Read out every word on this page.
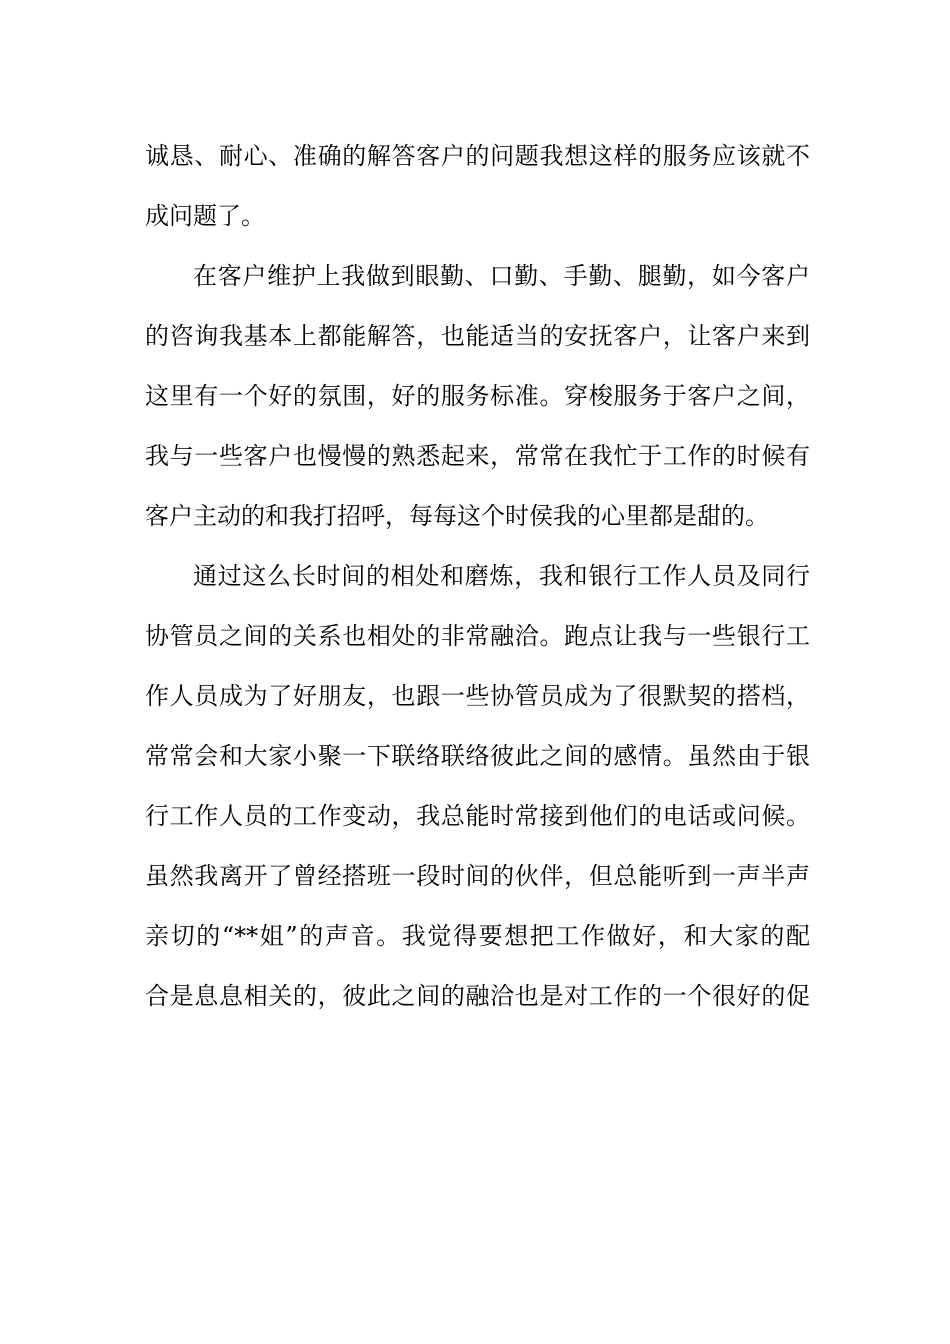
诚恳、耐心、准确的解答客户的问题我想这样的服务应该就不
成问题了。
在客户维护上我做到眼勤、口勤、手勤、腿勤，如今客户
的咨询我基本上都能解答，也能适当的安抚客户，让客户来到
这里有一个好的氛围，好的服务标准。穿梭服务于客户之间，
我与一些客户也慢慢的熟悉起来，常常在我忙于工作的时候有
客户主动的和我打招呼，每每这个时侯我的心里都是甜的。
通过这么长时间的相处和磨炼，我和银行工作人员及同行
协管员之间的关系也相处的非常融洽。跑点让我与一些银行工
作人员成为了好朋友，也跟一些协管员成为了很默契的搭档，
常常会和大家小聚一下联络联络彼此之间的感情。虽然由于银
行工作人员的工作变动，我总能时常接到他们的电话或问候。
虽然我离开了曾经搭班一段时间的伙伴，但总能听到一声半声
亲切的“**姐”的声音。我觉得要想把工作做好，和大家的配
合是息息相关的，彼此之间的融洽也是对工作的一个很好的促
